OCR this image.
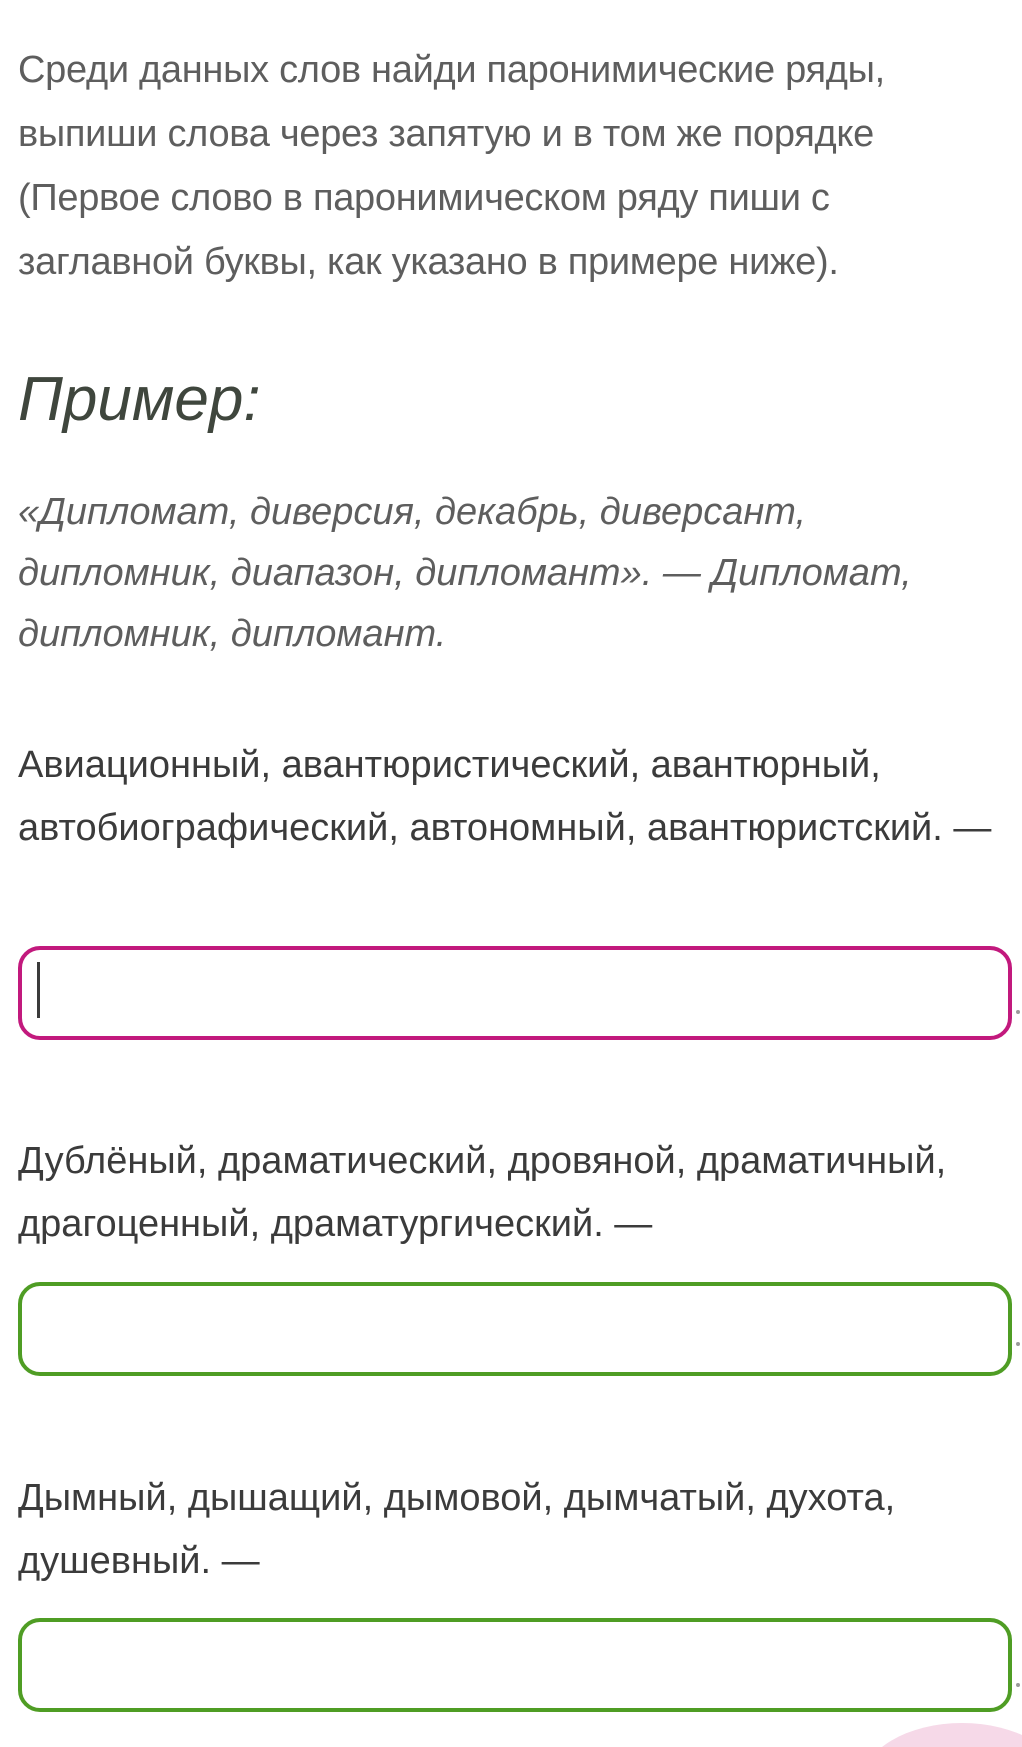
Среди данных слов найди паронимические ряды, выпиши слова через запятую и в том же порядке (Первое слово в паронимическом ряду пиши с заглавной буквы, как указано в примере ниже).

Пример:

«Дипломат, диверсия, декабрь, диверсант, дипломник, диапазон, дипломант». — Дипломат, дипломник, дипломант.

Авиационный, авантюристический, авантюрный, автобиографический, автономный, авантюристский. —

Дублёный, драматический, дровяной, драматичный, драгоценный, драматургический. —

Дымный, дышащий, дымовой, дымчатый, духота, душевный. —
